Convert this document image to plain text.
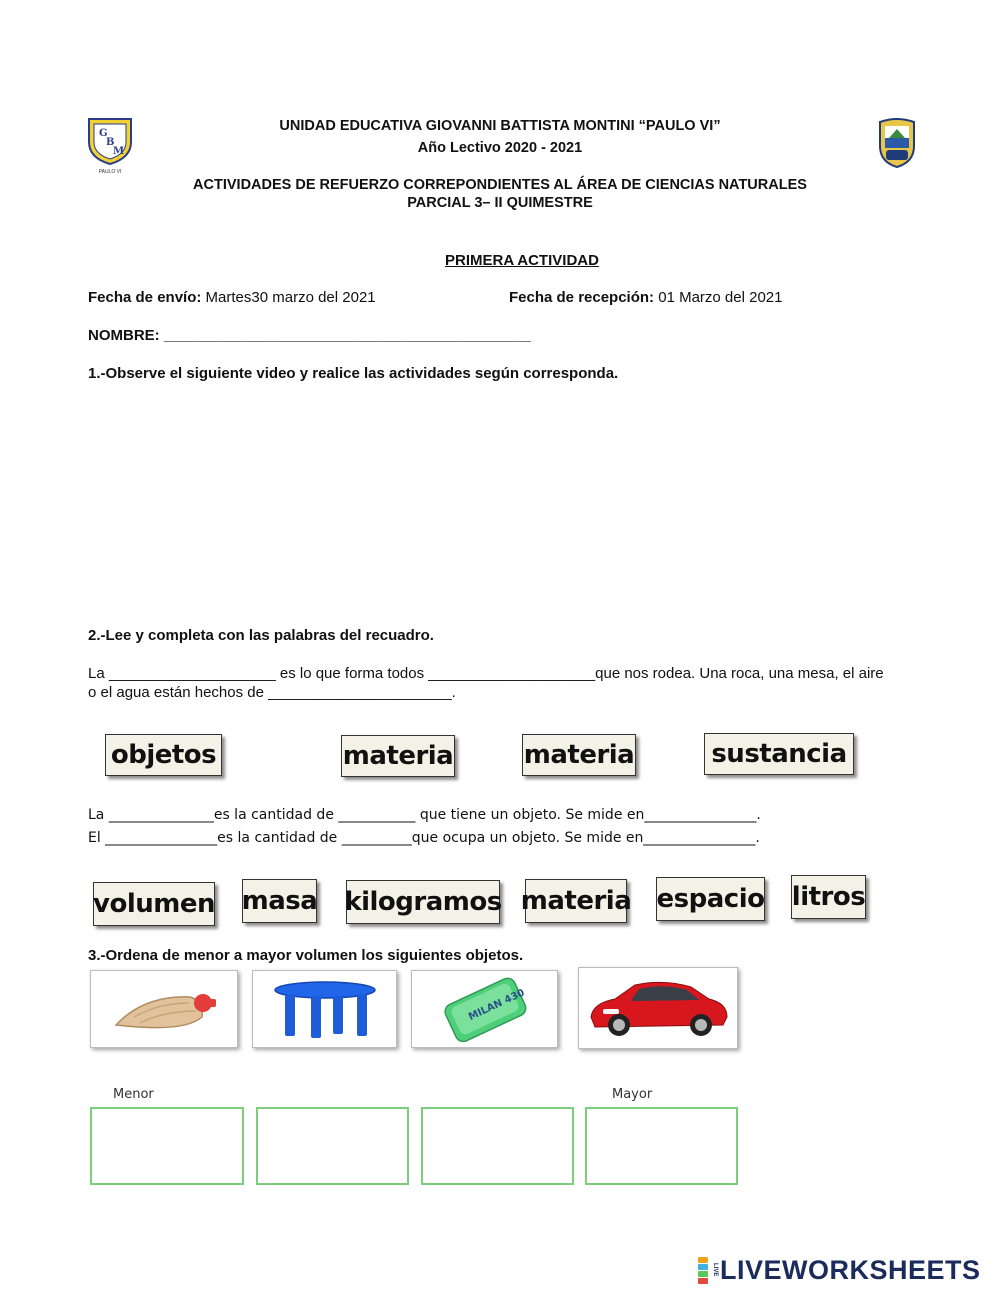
G
B
M
PAULO VI
UNIDAD EDUCATIVA GIOVANNI BATTISTA MONTINI “PAULO VI”
Año Lectivo 2020 - 2021
ACTIVIDADES DE REFUERZO CORREPONDIENTES AL ÁREA DE CIENCIAS NATURALES
PARCIAL 3– II QUIMESTRE
PRIMERA ACTIVIDAD
Fecha de envío: Martes30 marzo del 2021	Fecha de recepción: 01 Marzo del 2021
NOMBRE: ____________________________________________
1.-Observe el siguiente video y realice las actividades según corresponda.
2.-Lee y completa con las palabras del recuadro.
La ____________________ es lo que forma todos ____________________que nos rodea. Una roca, una mesa, el aire
o el agua están hechos de ______________________.
objetos	materia	materia	sustancia
La _______________es la cantidad de ___________ que tiene un objeto. Se mide en________________.
El ________________es la cantidad de __________que ocupa un objeto. Se mide en________________.
volumen masa kilogramos materia espacio litros
3.-Ordena de menor a mayor volumen los siguientes objetos.
MILAN 430
Menor	Mayor
LIVE LIVEWORKSHEETS
